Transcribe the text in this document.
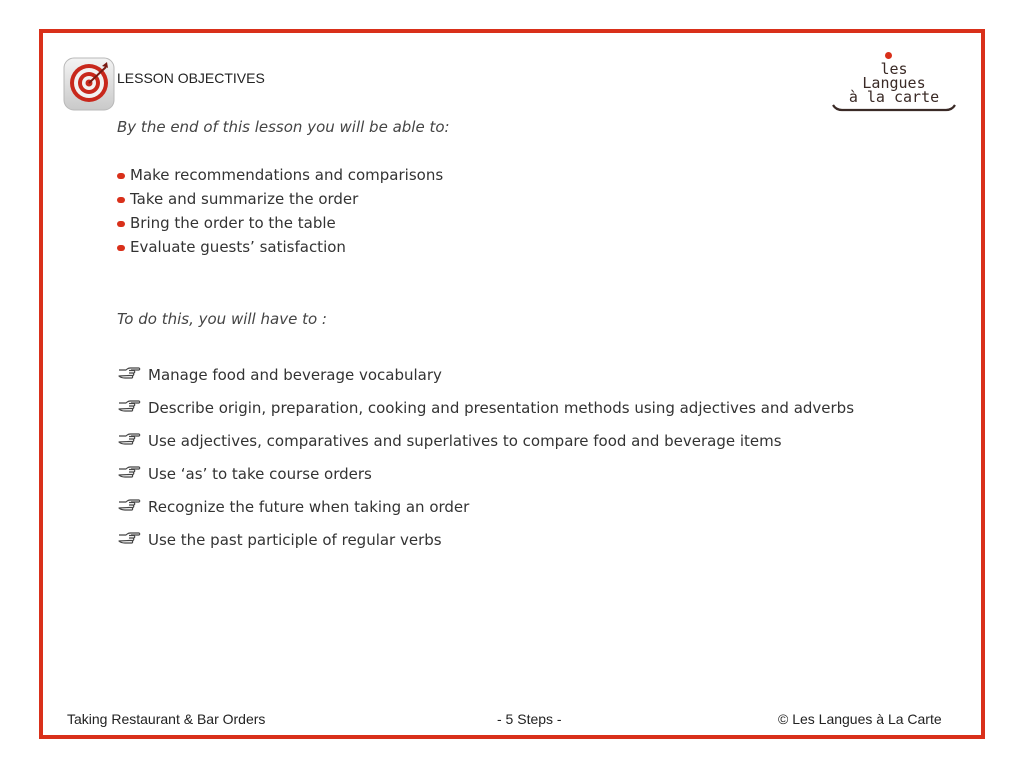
LESSON OBJECTIVES	les
Langues
à la carte
By the end of this lesson you will be able to:
Make recommendations and comparisons
Take and summarize the order
Bring the order to the table
Evaluate guests’ satisfaction
To do this, you will have to :
Manage food and beverage vocabulary
Describe origin, preparation, cooking and presentation methods using adjectives and adverbs
Use adjectives, comparatives and superlatives to compare food and beverage items
Use ‘as’ to take course orders
Recognize the future when taking an order
Use the past participle of regular verbs
Taking Restaurant & Bar Orders	- 5 Steps -	© Les Langues à La Carte
